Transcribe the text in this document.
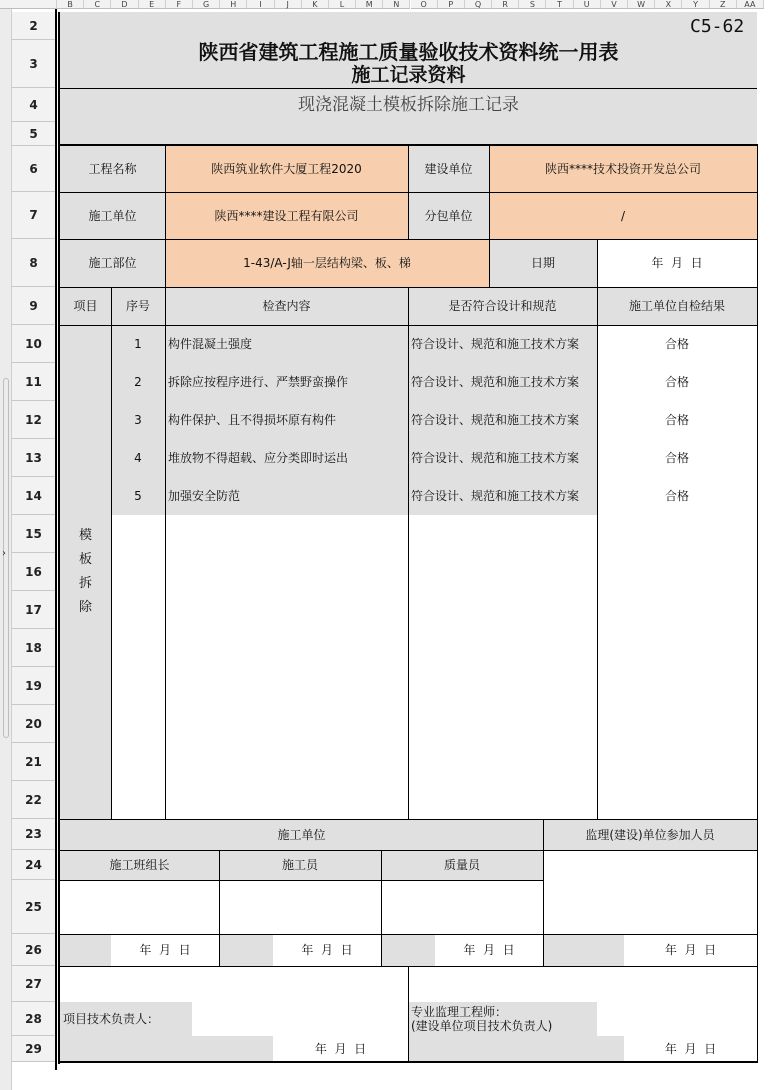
B	C	D	E	F	G	H	I	J	K	L	M	N	O	P	Q	R	S	T	U	V	W	X	Y	Z	AA
›
2
3
4
5
6
7
8
9
10
11
12
13
14
15
16
17
18
19
20
21
22
23
24
25
26
27
28
29
C5-62
陕西省建筑工程施工质量验收技术资料统一用表
施工记录资料
现浇混凝土模板拆除施工记录
工程名称	陕西筑业软件大厦工程2020	建设单位	陕西****技术投资开发总公司
施工单位	陕西****建设工程有限公司	分包单位	/
施工部位	1-43/A-J轴一层结构梁、板、梯	日期	年  月  日
项目	序号	检查内容	是否符合设计和规范	施工单位自检结果
模
板
拆
除
1	构件混凝土强度	符合设计、规范和施工技术方案	合格
2	拆除应按程序进行、严禁野蛮操作	符合设计、规范和施工技术方案	合格
3	构件保护、且不得损坏原有构件	符合设计、规范和施工技术方案	合格
4	堆放物不得超载、应分类即时运出	符合设计、规范和施工技术方案	合格
5	加强安全防范	符合设计、规范和施工技术方案	合格
施工单位	监理(建设)单位参加人员
施工班组长	施工员	质量员
年  月  日	年  月  日	年  月  日	年  月  日
项目技术负责人：	专业监理工程师：
(建设单位项目技术负责人)
年  月  日	年  月  日
